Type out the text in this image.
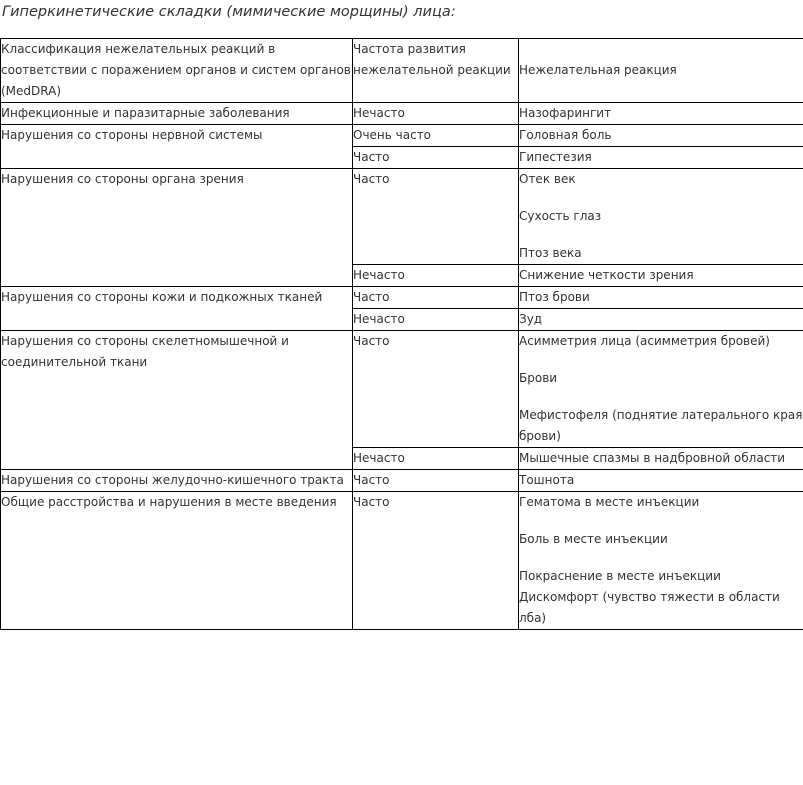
Гиперкинетические складки (мимические морщины) лица:
Классификация нежелательных реакций в соответствии с поражением органов и систем органов (MedDRA)	Частота развития нежелательной реакции	Нежелательная реакция
Инфекционные и паразитарные заболевания	Нечасто	Назофарингит

Нарушения со стороны нервной системы	Очень часто	Головная боль

	Часто	Гипестезия

Нарушения со стороны органа зрения	Часто	Отек век
Сухость глаз
Птоз века

	Нечасто	Снижение четкости зрения

Нарушения со стороны кожи и подкожных тканей	Часто	Птоз брови

	Нечасто	Зуд

Нарушения со стороны скелетномышечной и соединительной ткани	Часто	Асимметрия лица (асимметрия бровей)
Брови
Мефистофеля (поднятие латерального края брови)

	Нечасто	Мышечные спазмы в надбровной области

Нарушения со стороны желудочно-кишечного тракта	Часто	Тошнота

Общие расстройства и нарушения в месте введения	Часто	Гематома в месте инъекции
Боль в месте инъекции
Покраснение в месте инъекции
Дискомфорт (чувство тяжести в области лба)
